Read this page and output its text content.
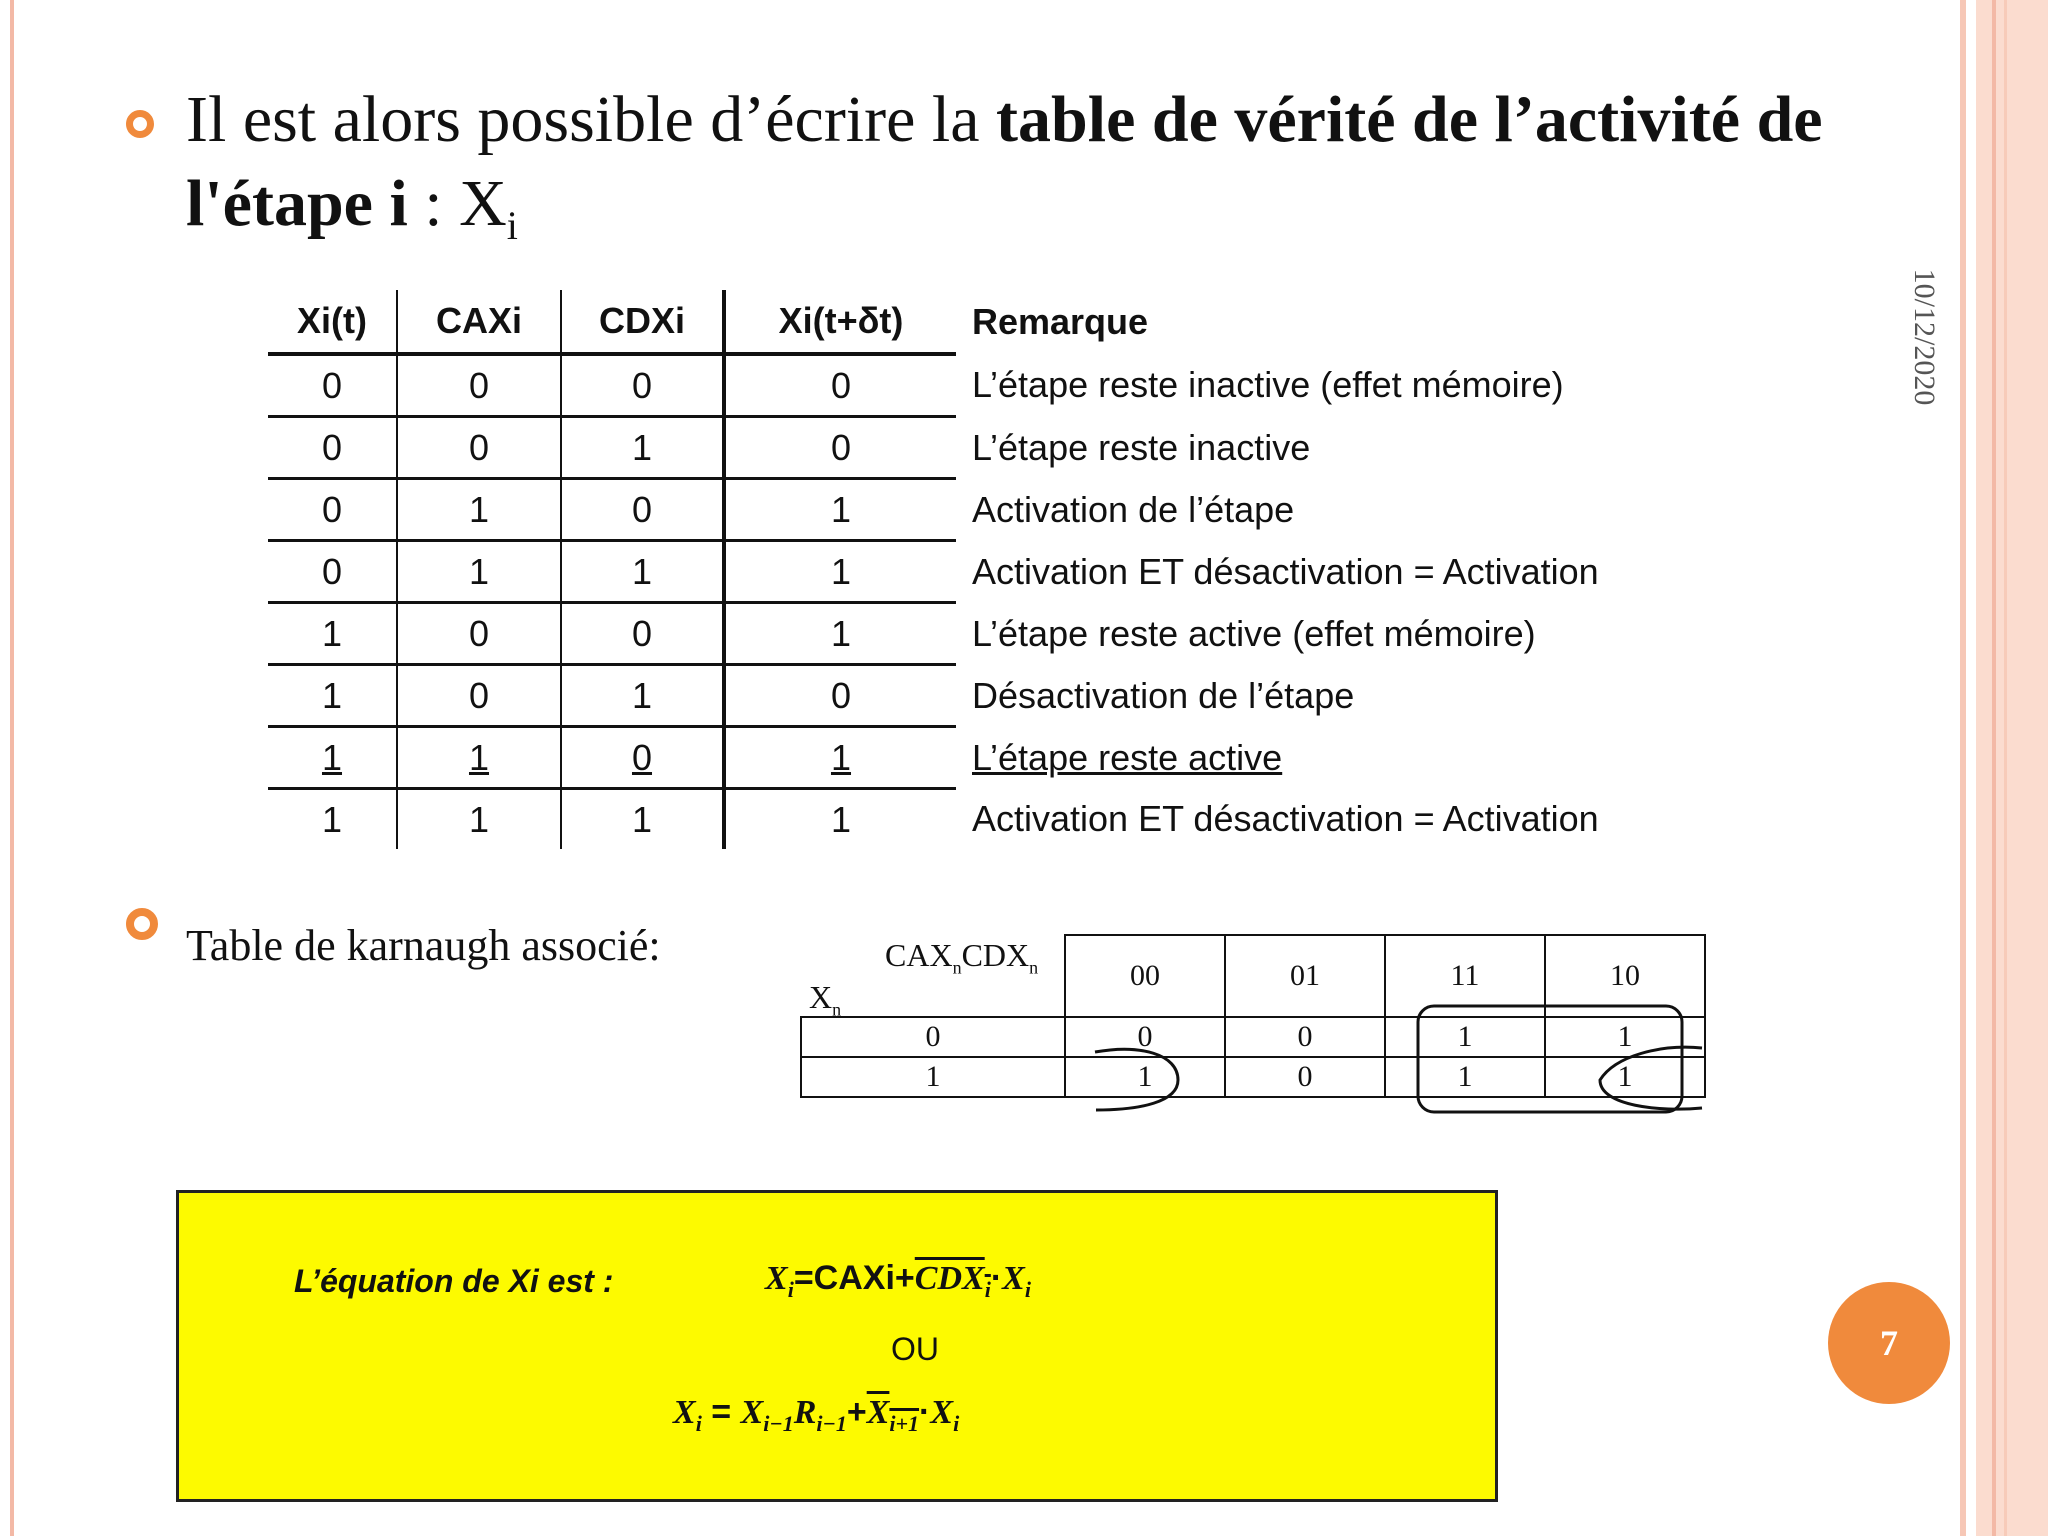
Il est alors possible d’écrire la table de vérité de l’activité de l'étape i : $X_i$
Xi(t)	CAXi	CDXi	Xi(t+δt)	Remarque
0	0	0	0	L’étape reste inactive (effet mémoire)
0	0	1	0	L’étape reste inactive
0	1	0	1	Activation de l’étape
0	1	1	1	Activation ET désactivation = Activation
1	0	0	1	L’étape reste active (effet mémoire)
1	0	1	0	Désactivation de l’étape
1	1	0	1	L’étape reste active
1	1	1	1	Activation ET désactivation = Activation
Table de karnaugh associé:	$CAX_nCDX_n$
$X_n$	00	01	11	10
0	0	0	1	1
1	1	0	1	1
10/12/2020
7
L’équation de Xi est :	$X_i=CAXi+CDX_i\cdot X_i$
OU
$X_i = X_{i-1}R_{i-1}+X_{i+1}\cdot X_i$
